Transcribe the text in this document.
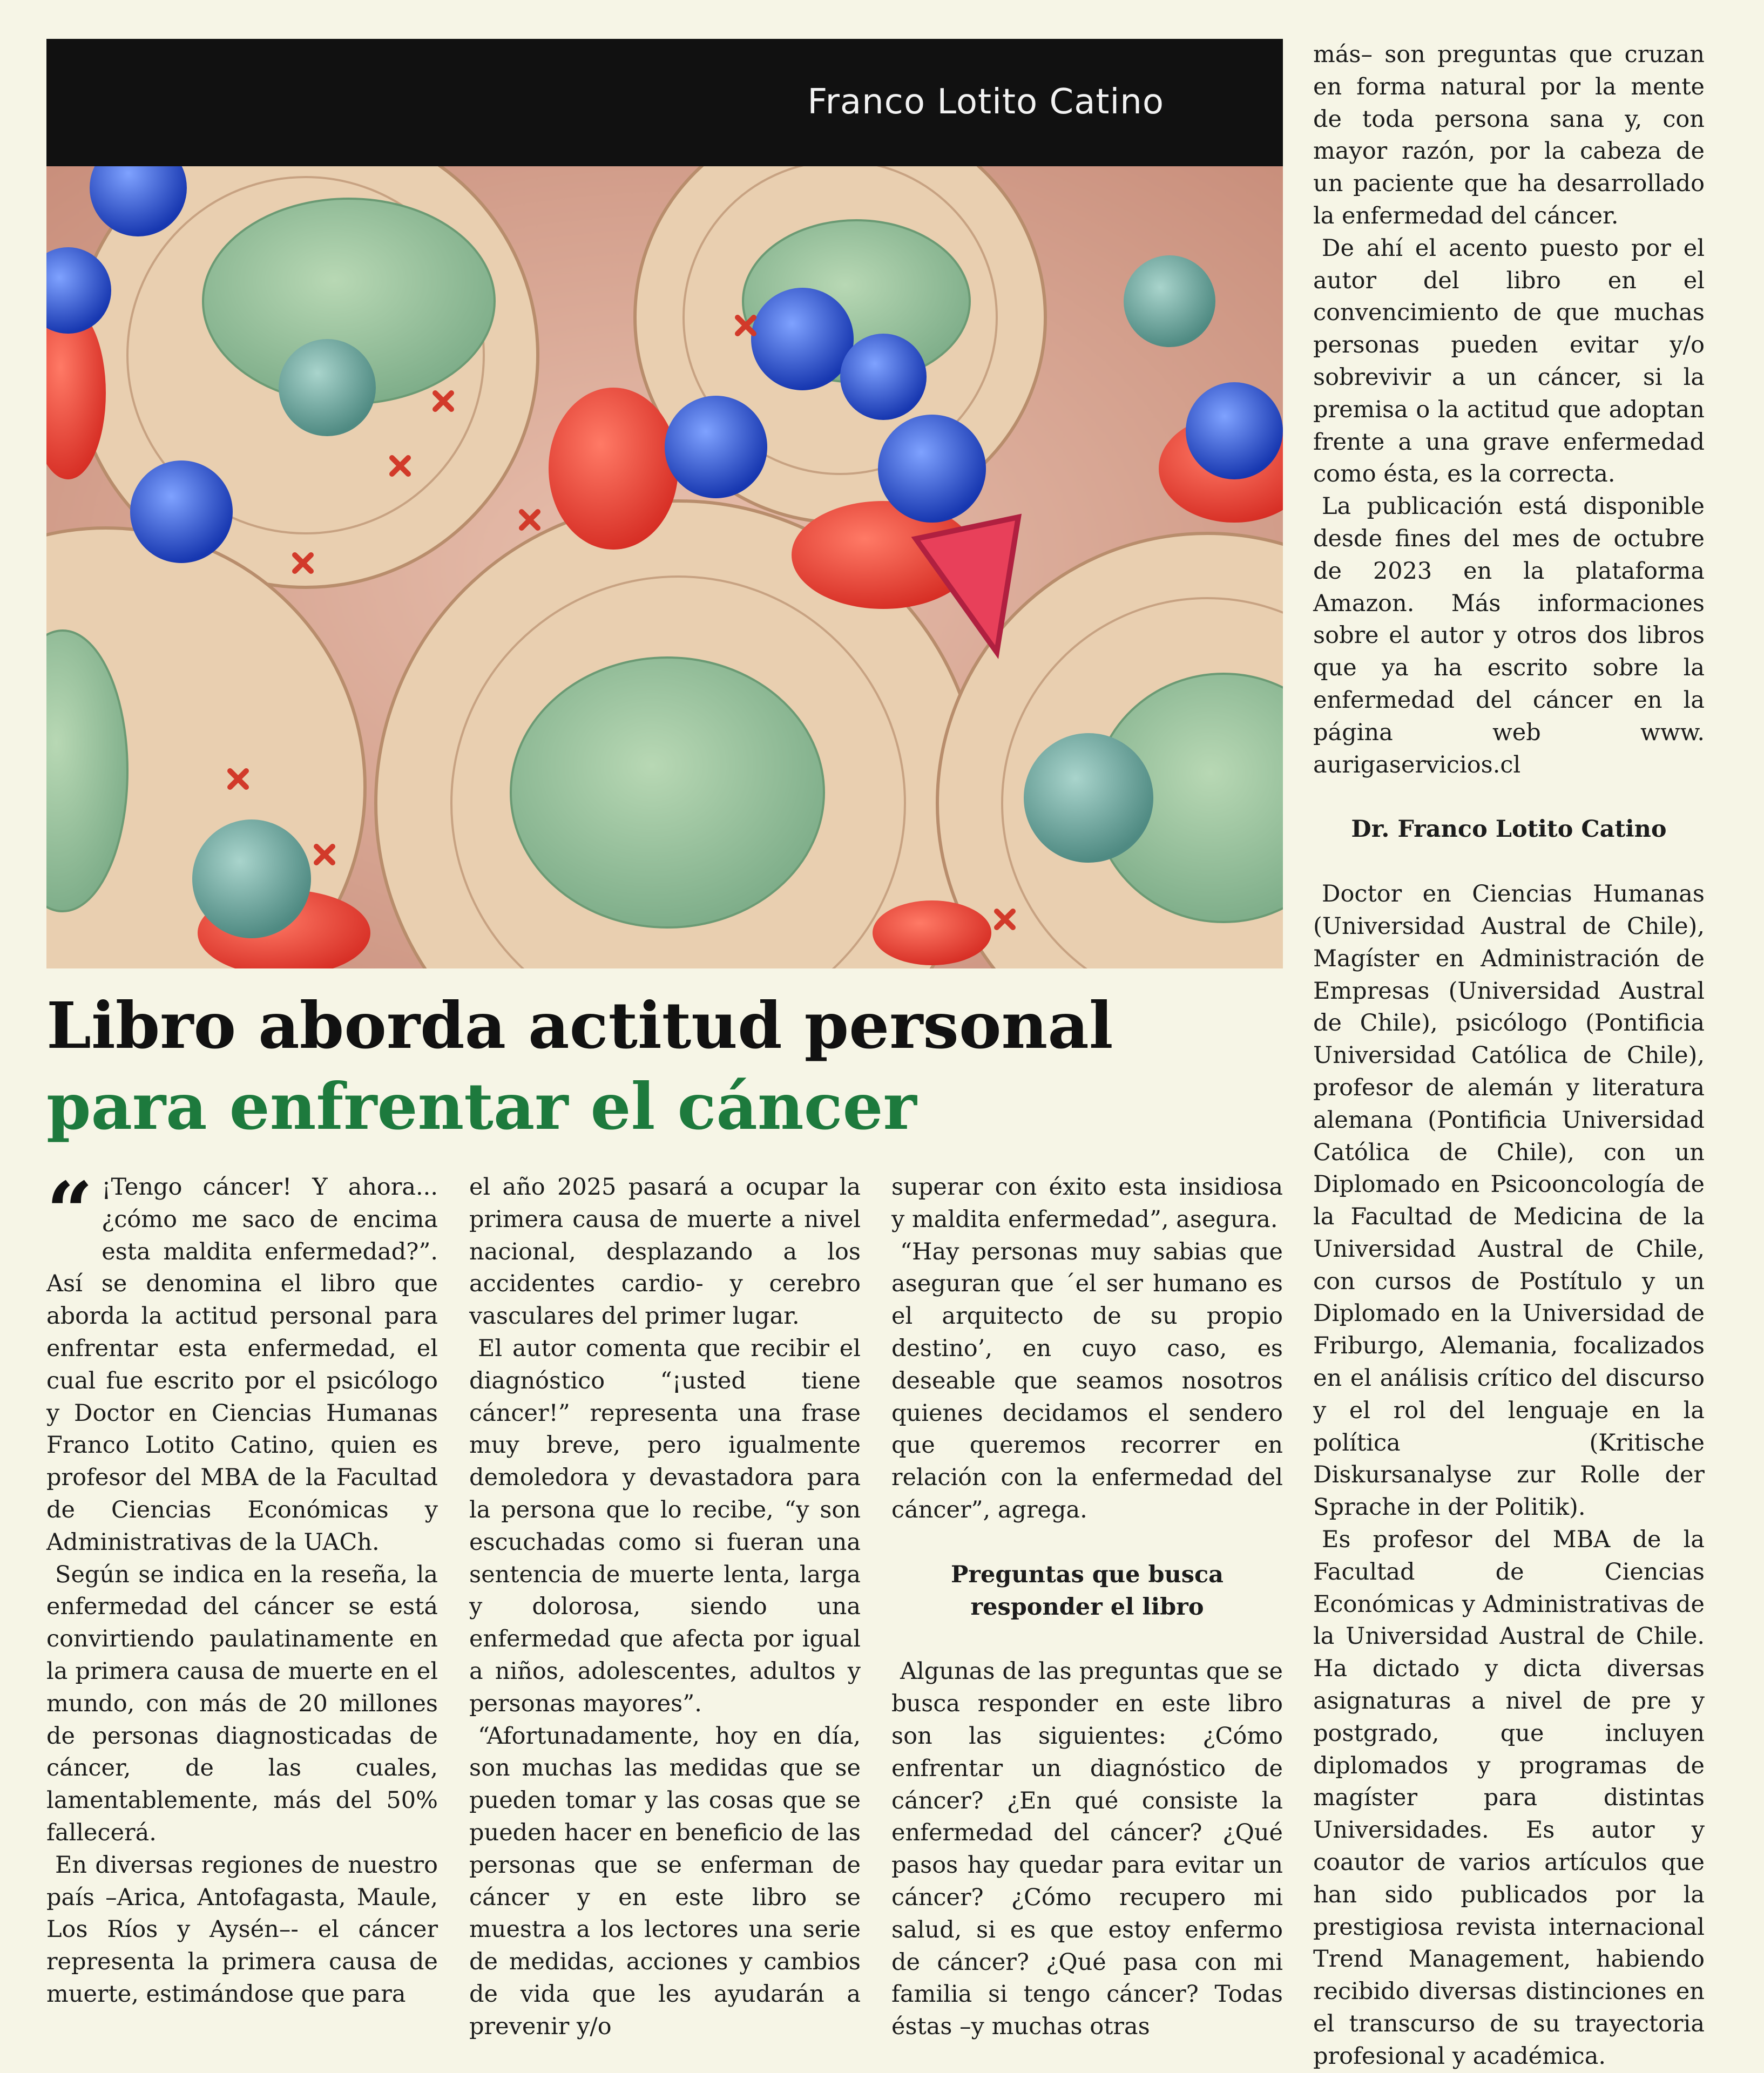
Franco Lotito Catino
Libro aborda actitud personal
para enfrentar el cáncer

“ ¡Tengo cáncer! Y ahora... ¿cómo me saco de encima esta maldita enfermedad?”. Así se denomina el libro que aborda la actitud personal para enfrentar esta enfermedad, el cual fue escrito por el psicólogo y Doctor en Ciencias Humanas Franco Lotito Catino, quien es profesor del MBA de la Facultad de Ciencias Económicas y Administrativas de la UACh.

Según se indica en la reseña, la enfermedad del cáncer se está convirtiendo paulatinamente en la primera causa de muerte en el mundo, con más de 20 millones de personas diagnosticadas de cáncer, de las cuales, lamentablemente, más del 50% fallecerá.

En diversas regiones de nuestro país –Arica, Antofagasta, Maule, Los Ríos y Aysén–- el cáncer representa la primera causa de muerte, estimándose que para

el año 2025 pasará a ocupar la primera causa de muerte a nivel nacional, desplazando a los accidentes cardio- y cerebro vasculares del primer lugar.

El autor comenta que recibir el diagnóstico “¡usted tiene cáncer!” representa una frase muy breve, pero igualmente demoledora y devastadora para la persona que lo recibe, “y son escuchadas como si fueran una sentencia de muerte lenta, larga y dolorosa, siendo una enfermedad que afecta por igual a niños, adolescentes, adultos y personas mayores”.

“Afortunadamente, hoy en día, son muchas las medidas que se pueden tomar y las cosas que se pueden hacer en beneficio de las personas que se enferman de cáncer y en este libro se muestra a los lectores una serie de medidas, acciones y cambios de vida que les ayudarán a prevenir y/o

superar con éxito esta insidiosa y maldita enfermedad”, asegura.

“Hay personas muy sabias que aseguran que ´el ser humano es el arquitecto de su propio destino’, en cuyo caso, es deseable que seamos nosotros quienes decidamos el sendero que queremos recorrer en relación con la enfermedad del cáncer”, agrega.

Preguntas que busca
responder el libro

Algunas de las preguntas que se busca responder en este libro son las siguientes: ¿Cómo enfrentar un diagnóstico de cáncer? ¿En qué consiste la enfermedad del cáncer? ¿Qué pasos hay quedar para evitar un cáncer? ¿Cómo recupero mi salud, si es que estoy enfermo de cáncer? ¿Qué pasa con mi familia si tengo cáncer? Todas éstas –y muchas otras

más– son preguntas que cruzan en forma natural por la mente de toda persona sana y, con mayor razón, por la cabeza de un paciente que ha desarrollado la enfermedad del cáncer.

De ahí el acento puesto por el autor del libro en el convencimiento de que muchas personas pueden evitar y/o sobrevivir a un cáncer, si la premisa o la actitud que adoptan frente a una grave enfermedad como ésta, es la correcta.

La publicación está disponible desde fines del mes de octubre de 2023 en la plataforma Amazon. Más informaciones sobre el autor y otros dos libros que ya ha escrito sobre la enfermedad del cáncer en la página web www. aurigaservicios.cl

Dr. Franco Lotito Catino

Doctor en Ciencias Humanas (Universidad Austral de Chile), Magíster en Administración de Empresas (Universidad Austral de Chile), psicólogo (Pontificia Universidad Católica de Chile), profesor de alemán y literatura alemana (Pontificia Universidad Católica de Chile), con un Diplomado en Psicooncología de la Facultad de Medicina de la Universidad Austral de Chile, con cursos de Postítulo y un Diplomado en la Universidad de Friburgo, Alemania, focalizados en el análisis crítico del discurso y el rol del lenguaje en la política (Kritische Diskursanalyse zur Rolle der Sprache in der Politik).

Es profesor del MBA de la Facultad de Ciencias Económicas y Administrativas de la Universidad Austral de Chile. Ha dictado y dicta diversas asignaturas a nivel de pre y postgrado, que incluyen diplomados y programas de magíster para distintas Universidades. Es autor y coautor de varios artículos que han sido publicados por la prestigiosa revista internacional Trend Management, habiendo recibido diversas distinciones en el transcurso de su trayectoria profesional y académica.
